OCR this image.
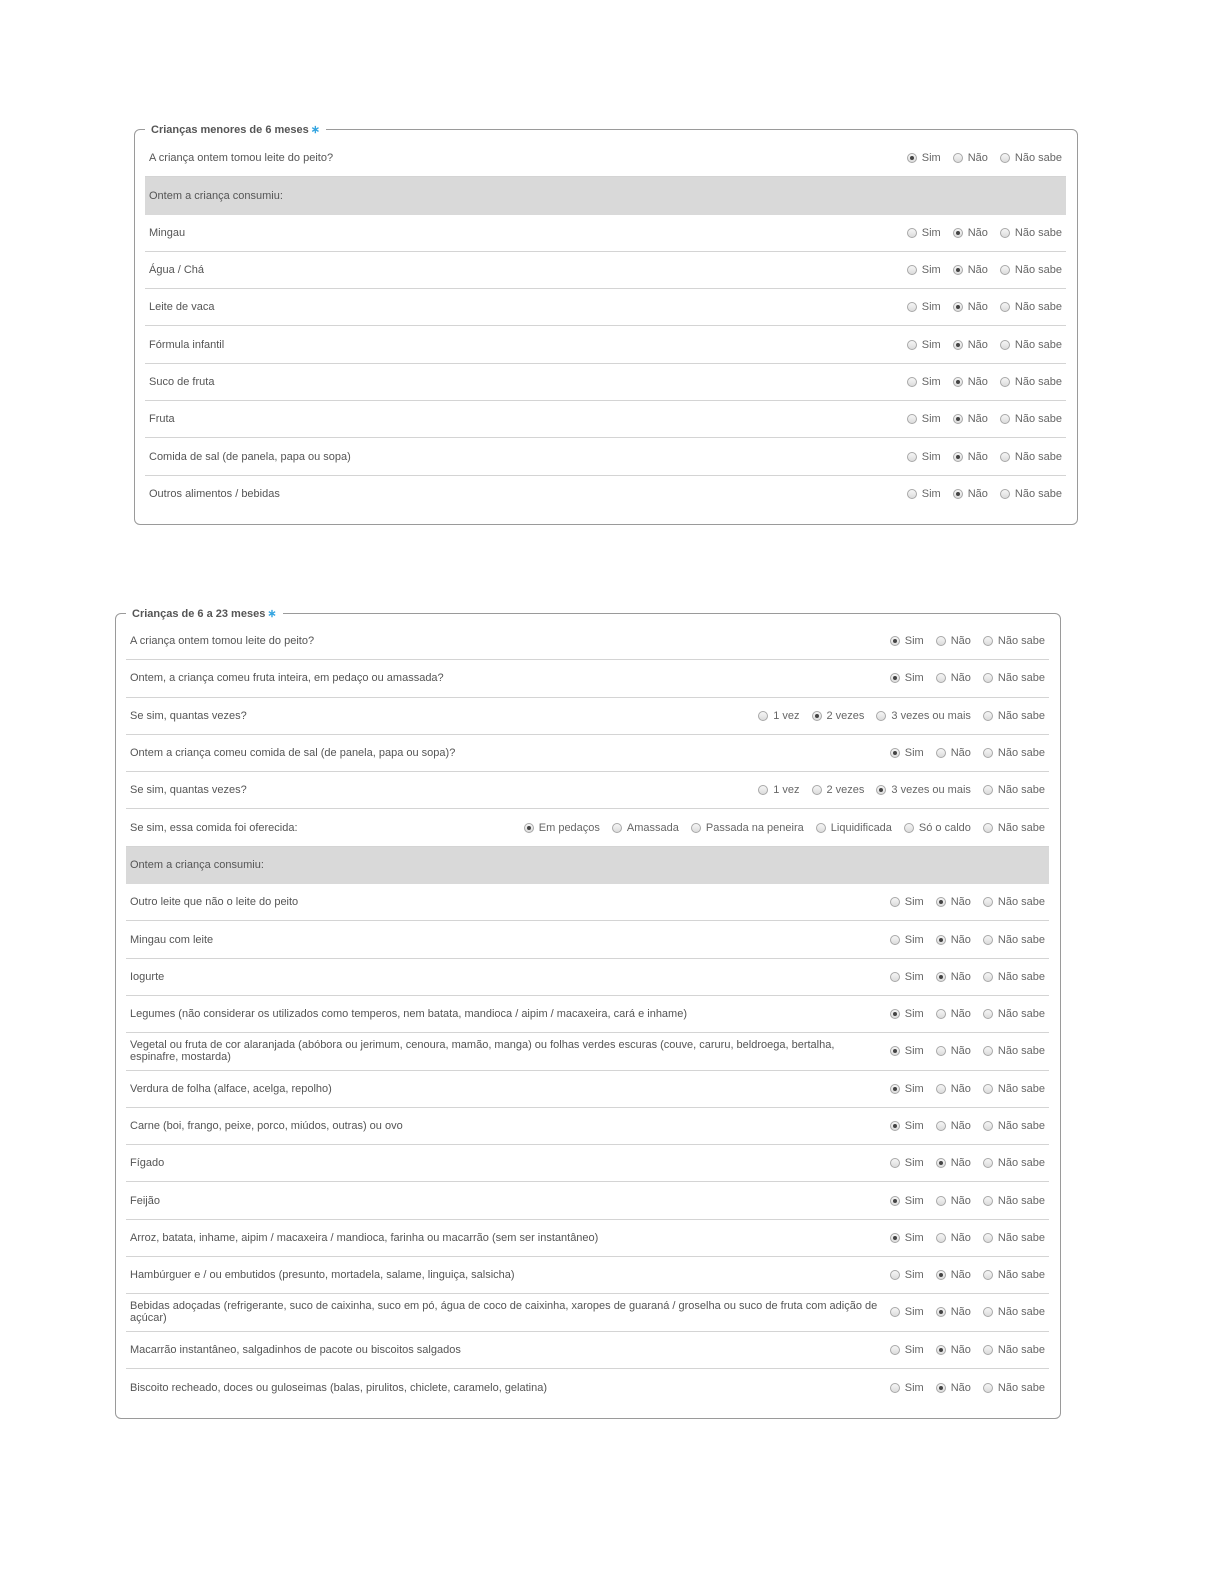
Crianças menores de 6 meses ∗
A criança ontem tomou leite do peito?	Sim Não Não sabe
Ontem a criança consumiu:
Mingau	Sim Não Não sabe
Água / Chá	Sim Não Não sabe
Leite de vaca	Sim Não Não sabe
Fórmula infantil	Sim Não Não sabe
Suco de fruta	Sim Não Não sabe
Fruta	Sim Não Não sabe
Comida de sal (de panela, papa ou sopa)	Sim Não Não sabe
Outros alimentos / bebidas	Sim Não Não sabe
Crianças de 6 a 23 meses ∗
A criança ontem tomou leite do peito?	Sim Não Não sabe
Ontem, a criança comeu fruta inteira, em pedaço ou amassada?	Sim Não Não sabe
Se sim, quantas vezes?	1 vez 2 vezes 3 vezes ou mais Não sabe
Ontem a criança comeu comida de sal (de panela, papa ou sopa)?	Sim Não Não sabe
Se sim, quantas vezes?	1 vez 2 vezes 3 vezes ou mais Não sabe
Se sim, essa comida foi oferecida:	Em pedaços Amassada Passada na peneira Liquidificada Só o caldo Não sabe
Ontem a criança consumiu:
Outro leite que não o leite do peito	Sim Não Não sabe
Mingau com leite	Sim Não Não sabe
Iogurte	Sim Não Não sabe
Legumes (não considerar os utilizados como temperos, nem batata, mandioca / aipim / macaxeira, cará e inhame)	Sim Não Não sabe
Vegetal ou fruta de cor alaranjada (abóbora ou jerimum, cenoura, mamão, manga) ou folhas verdes escuras (couve, caruru, beldroega, bertalha, espinafre, mostarda)	Sim Não Não sabe
Verdura de folha (alface, acelga, repolho)	Sim Não Não sabe
Carne (boi, frango, peixe, porco, miúdos, outras) ou ovo	Sim Não Não sabe
Fígado	Sim Não Não sabe
Feijão	Sim Não Não sabe
Arroz, batata, inhame, aipim / macaxeira / mandioca, farinha ou macarrão (sem ser instantâneo)	Sim Não Não sabe
Hambúrguer e / ou embutidos (presunto, mortadela, salame, linguiça, salsicha)	Sim Não Não sabe
Bebidas adoçadas (refrigerante, suco de caixinha, suco em pó, água de coco de caixinha, xaropes de guaraná / groselha ou suco de fruta com adição de açúcar)	Sim Não Não sabe
Macarrão instantâneo, salgadinhos de pacote ou biscoitos salgados	Sim Não Não sabe
Biscoito recheado, doces ou guloseimas (balas, pirulitos, chiclete, caramelo, gelatina)	Sim Não Não sabe
